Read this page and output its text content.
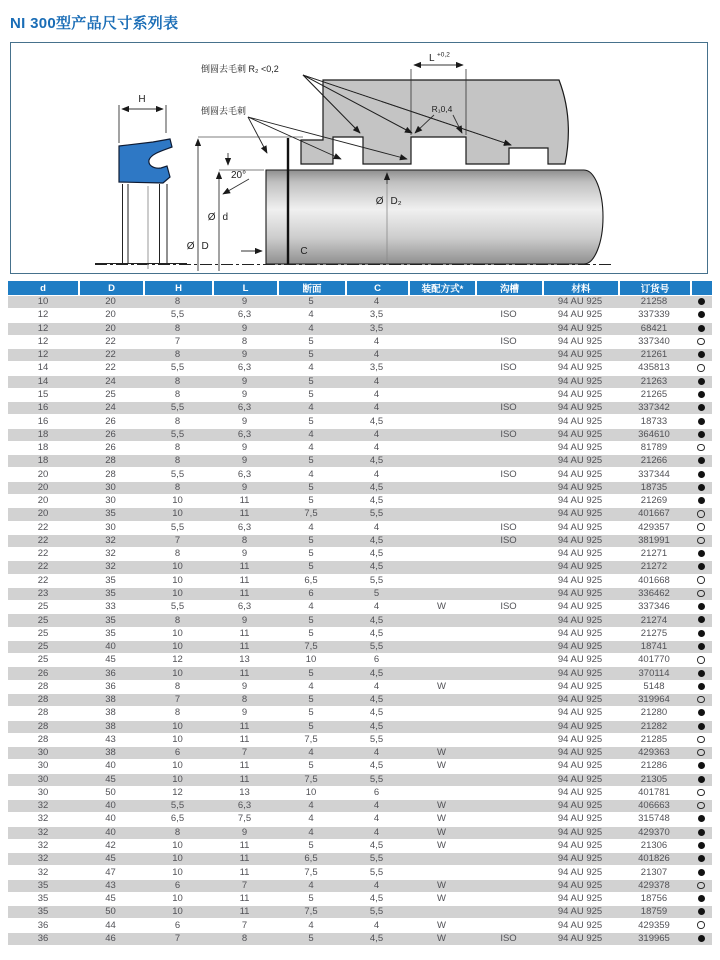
NI 300型产品尺寸系列表
H
Ø D
Ø d
20°
L +0,2
R₁0,4
倒圆去毛刺 R₂ <0,2
倒圆去毛刺
Ø D₂
C
d	D	H	L	断面	C	装配方式*	沟槽	材料	订货号	
10	20	8	9	5	4			94 AU 925	21258	
12	20	5,5	6,3	4	3,5		ISO	94 AU 925	337339	
12	20	8	9	4	3,5			94 AU 925	68421	
12	22	7	8	5	4		ISO	94 AU 925	337340	
12	22	8	9	5	4			94 AU 925	21261	
14	22	5,5	6,3	4	3,5		ISO	94 AU 925	435813	
14	24	8	9	5	4			94 AU 925	21263	
15	25	8	9	5	4			94 AU 925	21265	
16	24	5,5	6,3	4	4		ISO	94 AU 925	337342	
16	26	8	9	5	4,5			94 AU 925	18733	
18	26	5,5	6,3	4	4		ISO	94 AU 925	364610	
18	26	8	9	4	4			94 AU 925	81789	
18	28	8	9	5	4,5			94 AU 925	21266	
20	28	5,5	6,3	4	4		ISO	94 AU 925	337344	
20	30	8	9	5	4,5			94 AU 925	18735	
20	30	10	11	5	4,5			94 AU 925	21269	
20	35	10	11	7,5	5,5			94 AU 925	401667	
22	30	5,5	6,3	4	4		ISO	94 AU 925	429357	
22	32	7	8	5	4,5		ISO	94 AU 925	381991	
22	32	8	9	5	4,5			94 AU 925	21271	
22	32	10	11	5	4,5			94 AU 925	21272	
22	35	10	11	6,5	5,5			94 AU 925	401668	
23	35	10	11	6	5			94 AU 925	336462	
25	33	5,5	6,3	4	4	W	ISO	94 AU 925	337346	
25	35	8	9	5	4,5			94 AU 925	21274	
25	35	10	11	5	4,5			94 AU 925	21275	
25	40	10	11	7,5	5,5			94 AU 925	18741	
25	45	12	13	10	6			94 AU 925	401770	
26	36	10	11	5	4,5			94 AU 925	370114	
28	36	8	9	4	4	W		94 AU 925	5148	
28	38	7	8	5	4,5			94 AU 925	319964	
28	38	8	9	5	4,5			94 AU 925	21280	
28	38	10	11	5	4,5			94 AU 925	21282	
28	43	10	11	7,5	5,5			94 AU 925	21285	
30	38	6	7	4	4	W		94 AU 925	429363	
30	40	10	11	5	4,5	W		94 AU 925	21286	
30	45	10	11	7,5	5,5			94 AU 925	21305	
30	50	12	13	10	6			94 AU 925	401781	
32	40	5,5	6,3	4	4	W		94 AU 925	406663	
32	40	6,5	7,5	4	4	W		94 AU 925	315748	
32	40	8	9	4	4	W		94 AU 925	429370	
32	42	10	11	5	4,5	W		94 AU 925	21306	
32	45	10	11	6,5	5,5			94 AU 925	401826	
32	47	10	11	7,5	5,5			94 AU 925	21307	
35	43	6	7	4	4	W		94 AU 925	429378	
35	45	10	11	5	4,5	W		94 AU 925	18756	
35	50	10	11	7,5	5,5			94 AU 925	18759	
36	44	6	7	4	4	W		94 AU 925	429359	
36	46	7	8	5	4,5	W	ISO	94 AU 925	319965	
